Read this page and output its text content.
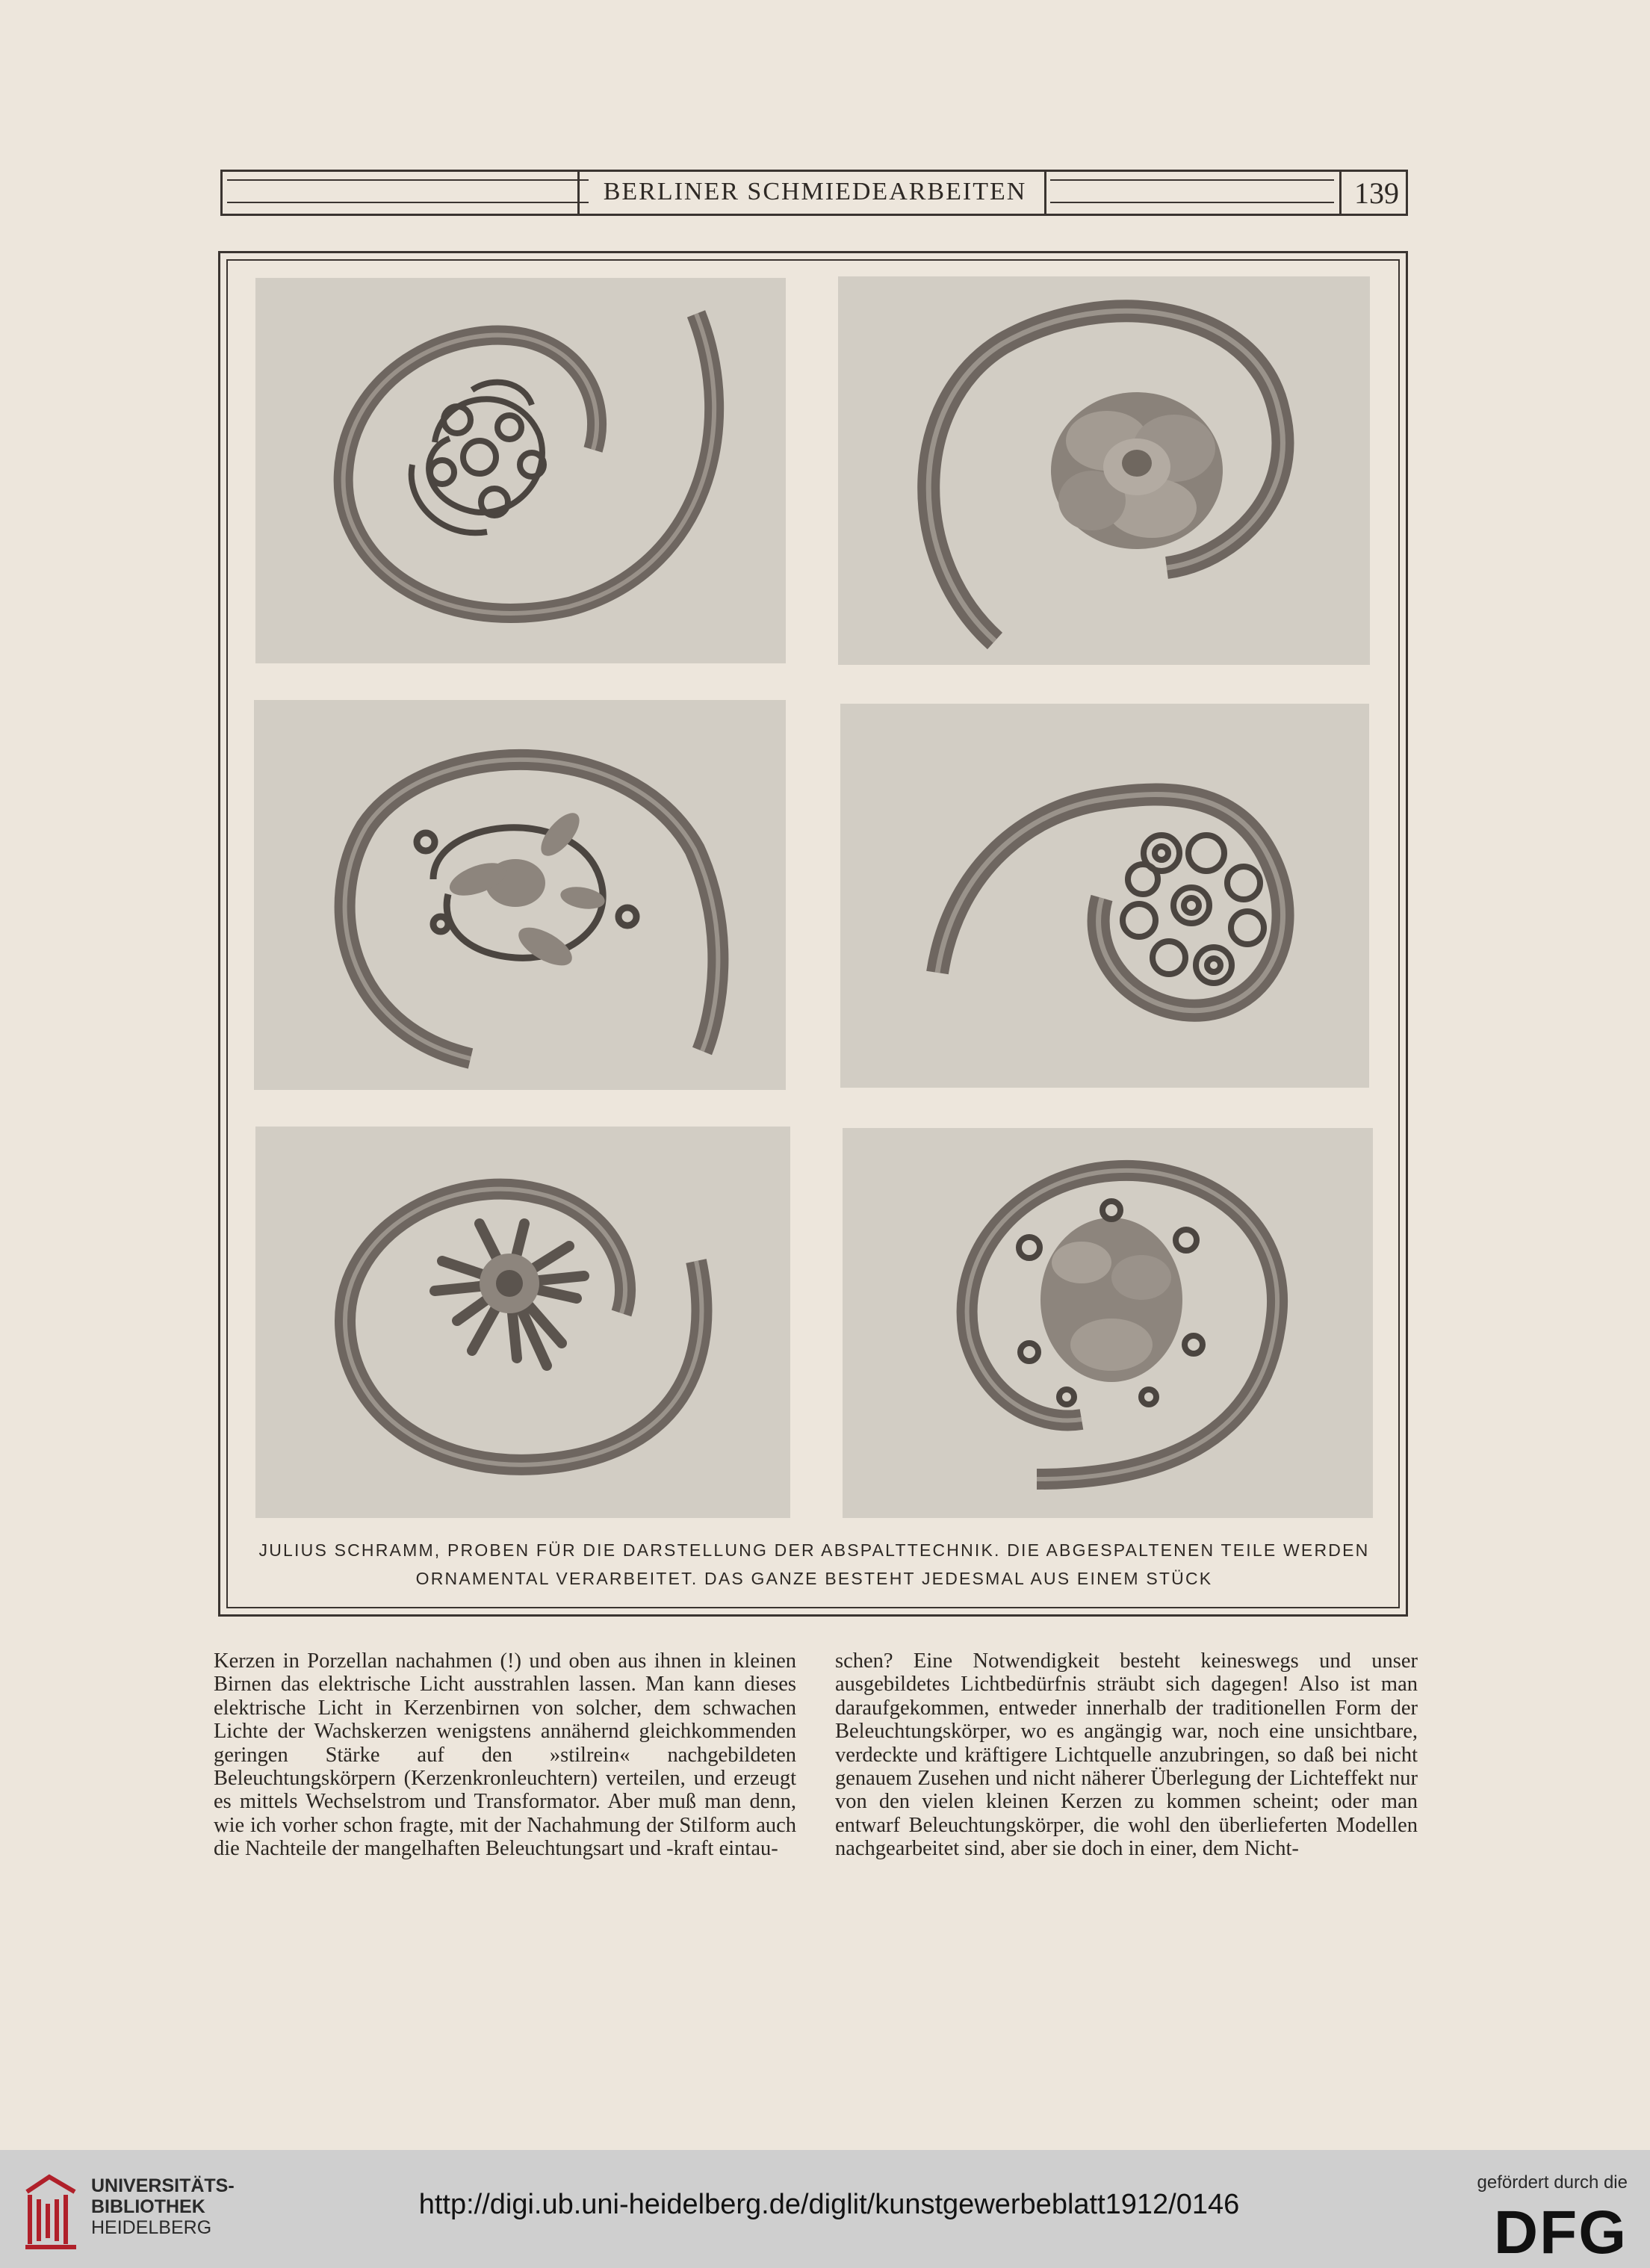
BERLINER SCHMIEDEARBEITEN	139
JULIUS SCHRAMM, PROBEN FÜR DIE DARSTELLUNG DER ABSPALTTECHNIK. DIE ABGESPALTENEN TEILE WERDEN
ORNAMENTAL VERARBEITET. DAS GANZE BESTEHT JEDESMAL AUS EINEM STÜCK

Kerzen in Porzellan nachahmen (!) und oben aus ihnen in kleinen Birnen das elektrische Licht ausstrahlen lassen. Man kann dieses elektrische Licht in Kerzenbirnen von solcher, dem schwachen Lichte der Wachskerzen wenigstens annähernd gleichkommenden geringen Stärke auf den »stilrein« nachgebildeten Beleuchtungskörpern (Kerzenkronleuchtern) verteilen, und erzeugt es mittels Wechselstrom und Transformator. Aber muß man denn, wie ich vorher schon fragte, mit der Nachahmung der Stilform auch die Nachteile der mangelhaften Beleuchtungsart und -kraft eintau-

schen? Eine Notwendigkeit besteht keineswegs und unser ausgebildetes Lichtbedürfnis sträubt sich dagegen! Also ist man daraufgekommen, entweder innerhalb der traditionellen Form der Beleuchtungskörper, wo es angängig war, noch eine unsichtbare, verdeckte und kräftigere Lichtquelle anzubringen, so daß bei nicht genauem Zusehen und nicht näherer Überlegung der Lichteffekt nur von den vielen kleinen Kerzen zu kommen scheint; oder man entwarf Beleuchtungskörper, die wohl den überlieferten Modellen nachgearbeitet sind, aber sie doch in einer, dem Nicht-

UNIVERSITÄTS-
BIBLIOTHEK
HEIDELBERG
http://digi.ub.uni-heidelberg.de/diglit/kunstgewerbeblatt1912/0146
gefördert durch die
DFG
